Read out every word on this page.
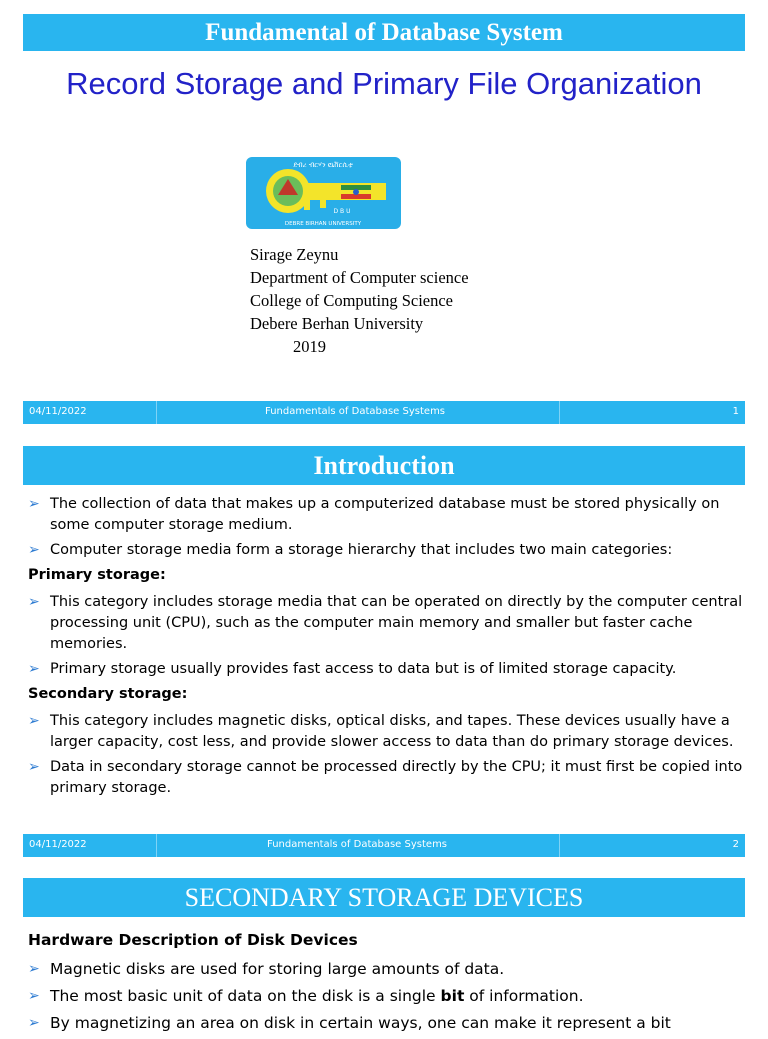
Fundamental of Database System
Record Storage and Primary File Organization
ደብረ ብርሃን ዩኒቨርሲቲ
D B U
DEBRE BIRHAN UNIVERSITY
Sirage Zeynu
Department of Computer science
College of Computing Science
Debere Berhan University
2019
04/11/2022	Fundamentals of Database Systems	1
Introduction
➢ The collection of data that makes up a computerized database must be stored physically on some computer storage medium.
➢ Computer storage media form a storage hierarchy that includes two main categories:
Primary storage:
➢ This category includes storage media that can be operated on directly by the computer central processing unit (CPU), such as the computer main memory and smaller but faster cache memories.
➢ Primary storage usually provides fast access to data but is of limited storage capacity.
Secondary storage:
➢ This category includes magnetic disks, optical disks, and tapes. These devices usually have a larger capacity, cost less, and provide slower access to data than do primary storage devices.
➢ Data in secondary storage cannot be processed directly by the CPU; it must first be copied into primary storage.
04/11/2022	Fundamentals of Database Systems	2
SECONDARY STORAGE DEVICES
Hardware Description of Disk Devices
➢ Magnetic disks are used for storing large amounts of data.
➢ The most basic unit of data on the disk is a single bit of information.
➢ By magnetizing an area on disk in certain ways, one can make it represent a bit
